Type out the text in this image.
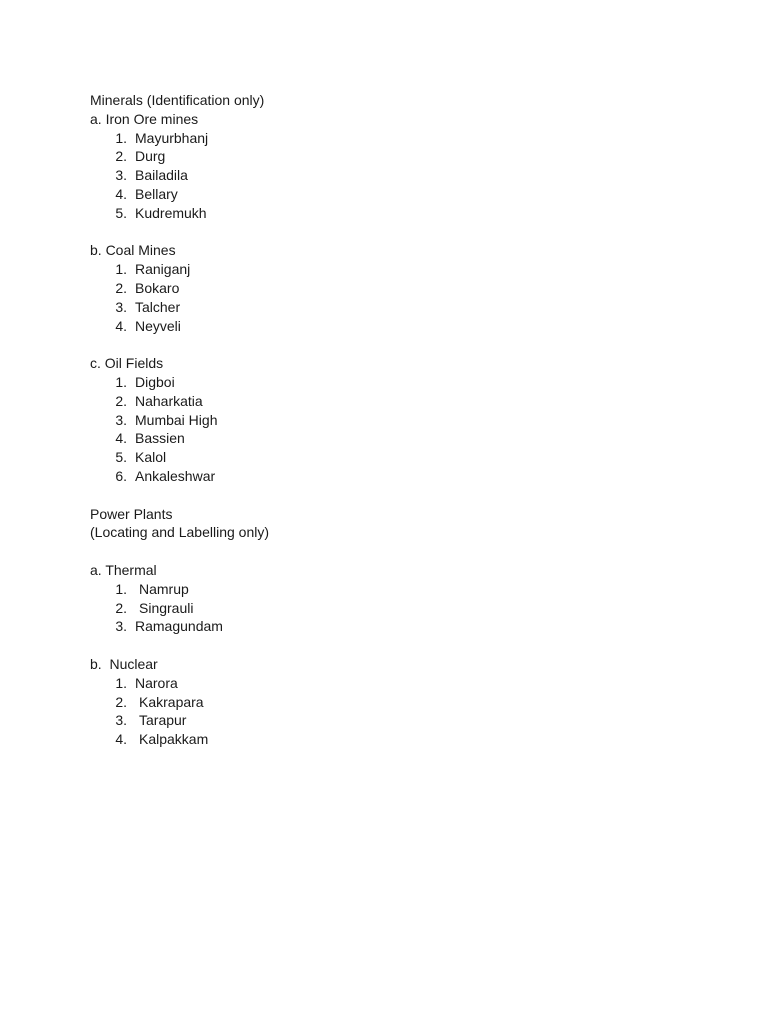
Minerals (Identification only)
a. Iron Ore mines
1. Mayurbhanj
2. Durg
3. Bailadila
4. Bellary
5. Kudremukh
b. Coal Mines
1. Raniganj
2. Bokaro
3. Talcher
4. Neyveli
c. Oil Fields
1. Digboi
2. Naharkatia
3. Mumbai High
4. Bassien
5. Kalol
6. Ankaleshwar
Power Plants
(Locating and Labelling only)
a. Thermal
1. Namrup
2. Singrauli
3. Ramagundam
b.  Nuclear
1. Narora
2. Kakrapara
3. Tarapur
4. Kalpakkam
